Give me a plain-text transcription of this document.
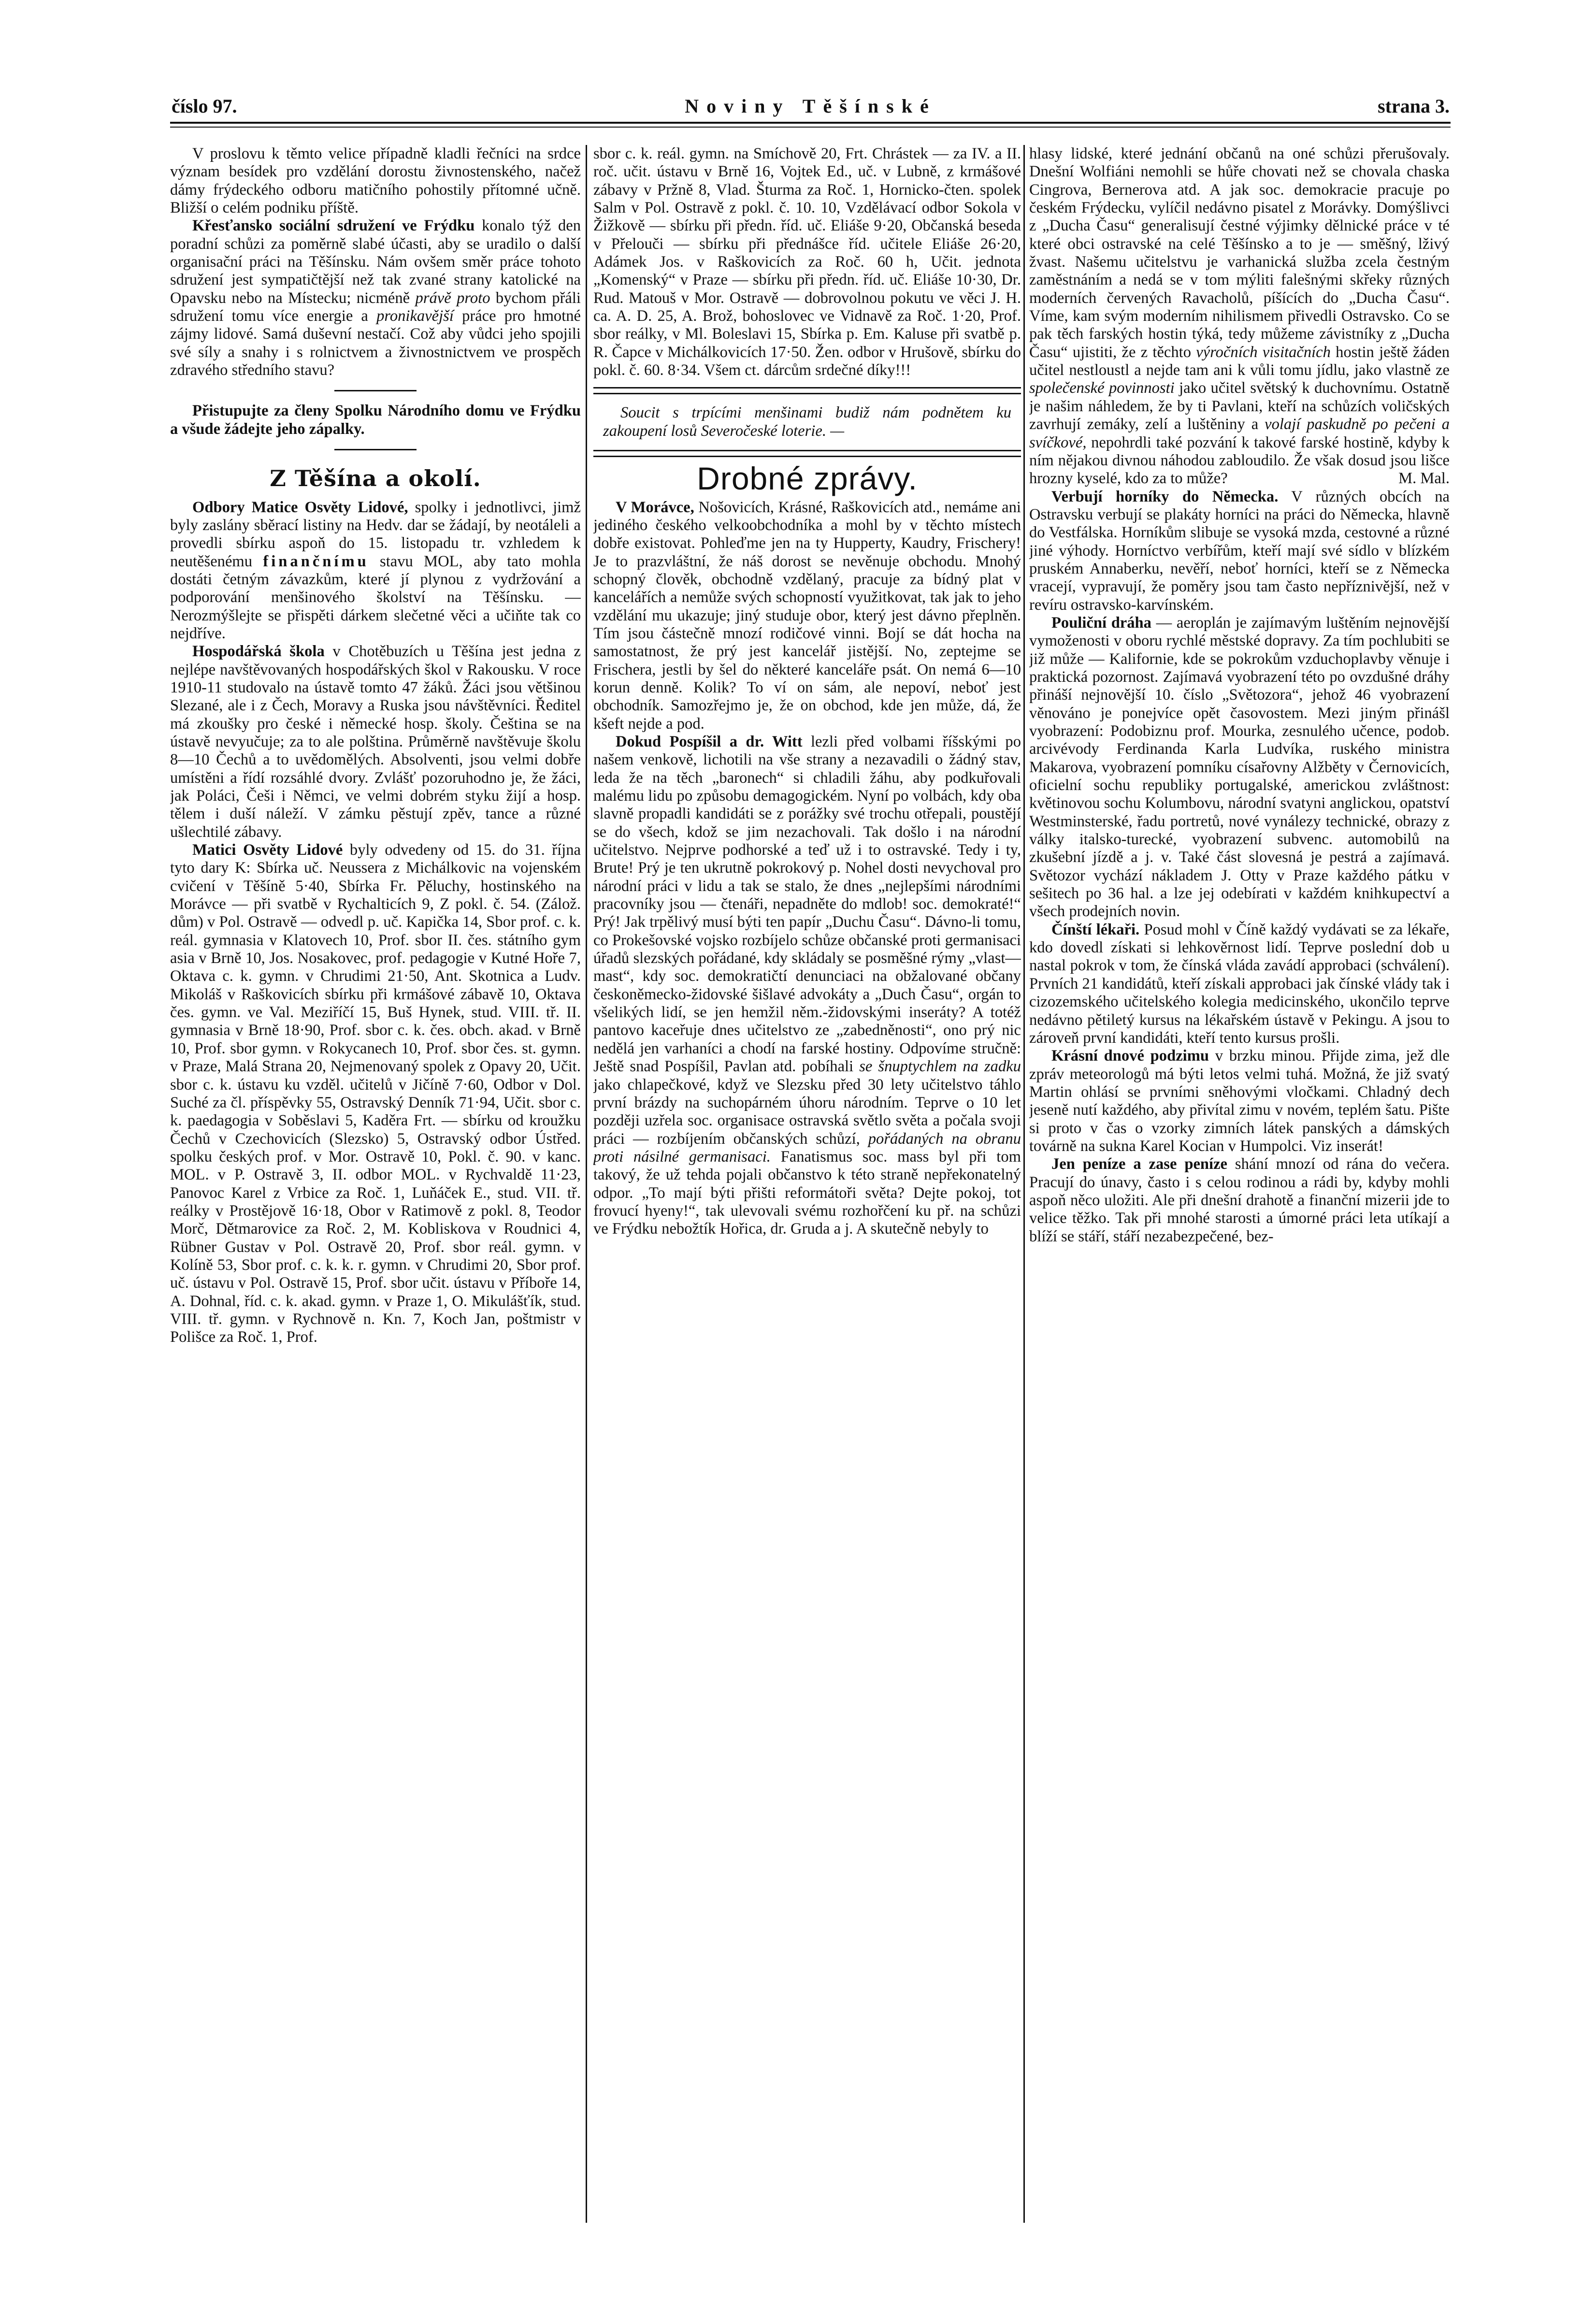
číslo 97.	Noviny Těšínské	strana 3.

V proslovu k těmto velice případně kladli řečníci na srdce význam besídek pro vzdělání dorostu živnostenského, načež dámy frýdeckého odboru matičního pohostily přítomné učně. Bližší o celém podniku příště.

Křesťansko sociální sdružení ve Frýdku konalo týž den poradní schůzi za poměrně slabé účasti, aby se uradilo o další organisační práci na Těšínsku. Nám ovšem směr práce tohoto sdružení jest sympatičtější než tak zvané strany katolické na Opavsku nebo na Místecku; nicméně právě proto bychom přáli sdružení tomu více energie a pronikavější práce pro hmotné zájmy lidové. Samá duševní nestačí. Což aby vůdci jeho spojili své síly a snahy i s rolnictvem a živnostnictvem ve prospěch zdravého středního stavu?

Přistupujte za členy Spolku Národního domu ve Frýdku a všude žádejte jeho zápalky.

Z Těšína a okolí.

Odbory Matice Osvěty Lidové, spolky i jednotlivci, jimž byly zaslány sběrací listiny na Hedv. dar se žádají, by neotáleli a provedli sbírku aspoň do 15. listopadu tr. vzhledem k neutěšenému finančnímu stavu MOL, aby tato mohla dostáti četným závazkům, které jí plynou z vydržování a podporování menšinového školství na Těšínsku. — Nerozmýšlejte se přispěti dárkem slečetné věci a učiňte tak co nejdříve.

Hospodářská škola v Chotěbuzích u Těšína jest jedna z nejlépe navštěvovaných hospodářských škol v Rakousku. V roce 1910-11 studovalo na ústavě tomto 47 žáků. Žáci jsou většinou Slezané, ale i z Čech, Moravy a Ruska jsou návštěvníci. Ředitel má zkoušky pro české i německé hosp. školy. Čeština se na ústavě nevyučuje; za to ale polština. Průměrně navštěvuje školu 8—10 Čechů a to uvědomělých. Absolventi, jsou velmi dobře umístěni a řídí rozsáhlé dvory. Zvlášť pozoruhodno je, že žáci, jak Poláci, Češi i Němci, ve velmi dobrém styku žijí a hosp. tělem i duší náleží. V zámku pěstují zpěv, tance a různé ušlechtilé zábavy.

Matici Osvěty Lidové byly odvedeny od 15. do 31. října tyto dary K: Sbírka uč. Neussera z Michálkovic na vojenském cvičení v Těšíně 5·40, Sbírka Fr. Pěluchy, hostinského na Morávce — při svatbě v Rychalticích 9, Z pokl. č. 54. (Zálož. dům) v Pol. Ostravě — odvedl p. uč. Kapička 14, Sbor prof. c. k. reál. gymnasia v Klatovech 10, Prof. sbor II. čes. státního gym asia v Brně 10, Jos. Nosakovec, prof. pedagogie v Kutné Hoře 7, Oktava c. k. gymn. v Chrudimi 21·50, Ant. Skotnica a Ludv. Mikoláš v Raškovicích sbírku při krmášové zábavě 10, Oktava čes. gymn. ve Val. Meziříčí 15, Buš Hynek, stud. VIII. tř. II. gymnasia v Brně 18·90, Prof. sbor c. k. čes. obch. akad. v Brně 10, Prof. sbor gymn. v Rokycanech 10, Prof. sbor čes. st. gymn. v Praze, Malá Strana 20, Nejmenovaný spolek z Opavy 20, Učit. sbor c. k. ústavu ku vzděl. učitelů v Jičíně 7·60, Odbor v Dol. Suché za čl. příspěvky 55, Ostravský Denník 71·94, Učit. sbor c. k. paedagogia v Soběslavi 5, Kaděra Frt. — sbírku od kroužku Čechů v Czechovicích (Slezsko) 5, Ostravský odbor Ústřed. spolku českých prof. v Mor. Ostravě 10, Pokl. č. 90. v kanc. MOL. v P. Ostravě 3, II. odbor MOL. v Rychvaldě 11·23, Panovoc Karel z Vrbice za Roč. 1, Luňáček E., stud. VII. tř. reálky v Prostějově 16·18, Obor v Ratimově z pokl. 8, Teodor Morč, Dětmarovice za Roč. 2, M. Kobliskova v Roudnici 4, Rübner Gustav v Pol. Ostravě 20, Prof. sbor reál. gymn. v Kolíně 53, Sbor prof. c. k. k. r. gymn. v Chrudimi 20, Sbor prof. uč. ústavu v Pol. Ostravě 15, Prof. sbor učit. ústavu v Příboře 14, A. Dohnal, říd. c. k. akad. gymn. v Praze 1, O. Mikulášťík, stud. VIII. tř. gymn. v Rychnově n. Kn. 7, Koch Jan, poštmistr v Polišce za Roč. 1, Prof.

sbor c. k. reál. gymn. na Smíchově 20, Frt. Chrástek — za IV. a II. roč. učit. ústavu v Brně 16, Vojtek Ed., uč. v Lubně, z krmášové zábavy v Pržně 8, Vlad. Šturma za Roč. 1, Hornicko-čten. spolek Salm v Pol. Ostravě z pokl. č. 10. 10, Vzdělávací odbor Sokola v Žižkově — sbírku při předn. říd. uč. Eliáše 9·20, Občanská beseda v Přelouči — sbírku při přednášce říd. učitele Eliáše 26·20, Adámek Jos. v Raškovicích za Roč. 60 h, Učit. jednota „Komenský“ v Praze — sbírku při předn. říd. uč. Eliáše 10·30, Dr. Rud. Matouš v Mor. Ostravě — dobrovolnou pokutu ve věci J. H. ca. A. D. 25, A. Brož, bohoslovec ve Vidnavě za Roč. 1·20, Prof. sbor reálky, v Ml. Boleslavi 15, Sbírka p. Em. Kaluse při svatbě p. R. Čapce v Michálkovicích 17·50. Žen. odbor v Hrušově, sbírku do pokl. č. 60. 8·34. Všem ct. dárcům srdečné díky!!!

Soucit s trpícími menšinami budiž nám podnětem ku zakoupení losů Severočeské loterie. —

Drobné zprávy.

V Morávce, Nošovicích, Krásné, Raškovicích atd., nemáme ani jediného českého velkoobchodníka a mohl by v těchto místech dobře existovat. Pohleďme jen na ty Hupperty, Kaudry, Frischery! Je to prazvláštní, že náš dorost se nevěnuje obchodu. Mnohý schopný člověk, obchodně vzdělaný, pracuje za bídný plat v kancelářích a nemůže svých schopností využitkovat, tak jak to jeho vzdělání mu ukazuje; jiný studuje obor, který jest dávno přeplněn. Tím jsou částečně mnozí rodičové vinni. Bojí se dát hocha na samostatnost, že prý jest kancelář jistější. No, zeptejme se Frischera, jestli by šel do některé kanceláře psát. On nemá 6—10 korun denně. Kolik? To ví on sám, ale nepoví, neboť jest obchodník. Samozřejmo je, že on obchod, kde jen může, dá, že kšeft nejde a pod.

Dokud Pospíšil a dr. Witt lezli před volbami říšskými po našem venkově, lichotili na vše strany a nezavadili o žádný stav, leda že na těch „baronech“ si chladili žáhu, aby podkuřovali malému lidu po způsobu demagogickém. Nyní po volbách, kdy oba slavně propadli kandidáti se z porážky své trochu otřepali, poustějí se do všech, kdož se jim nezachovali. Tak došlo i na národní učitelstvo. Nejprve podhorské a teď už i to ostravské. Tedy i ty, Brute! Prý je ten ukrutně pokrokový p. Nohel dosti nevychoval pro národní práci v lidu a tak se stalo, že dnes „nejlepšími národními pracovníky jsou — čtenáři, nepadněte do mdlob! soc. demokraté!“ Prý! Jak trpělivý musí býti ten papír „Duchu Času“. Dávno-li tomu, co Prokešovské vojsko rozbíjelo schůze občanské proti germanisaci úřadů slezských pořádané, kdy skládaly se posměšné rýmy „vlast—mast“, kdy soc. demokratičtí denunciaci na obžalované občany českoněmecko-židovské šišlavé advokáty a „Duch Času“, orgán to všelikých lidí, se jen hemžil něm.-židovskými inseráty? A totéž pantovo kaceřuje dnes učitelstvo ze „zabedněnosti“, ono prý nic nedělá jen varhaníci a chodí na farské hostiny. Odpovíme stručně: Ještě snad Pospíšil, Pavlan atd. pobíhali se šnuptychlem na zadku jako chlapečkové, když ve Slezsku před 30 lety učitelstvo táhlo první brázdy na suchopárném úhoru národním. Teprve o 10 let později uzřela soc. organisace ostravská světlo světa a počala svoji práci — rozbíjením občanských schůzí, pořádaných na obranu proti násilné germanisaci. Fanatismus soc. mass byl při tom takový, že už tehda pojali občanstvo k této straně nepřekonatelný odpor. „To mají býti přišti reformátoři světa? Dejte pokoj, tot frovucí hyeny!“, tak ulevovali svému rozhořčení ku př. na schůzi ve Frýdku nebožtík Hořica, dr. Gruda a j. A skutečně nebyly to

hlasy lidské, které jednání občanů na oné schůzi přerušovaly. Dnešní Wolfiáni nemohli se hůře chovati než se chovala chaska Cingrova, Bernerova atd. A jak soc. demokracie pracuje po českém Frýdecku, vylíčil nedávno pisatel z Morávky. Domýšlivci z „Ducha Času“ generalisují čestné výjimky dělnické práce v té které obci ostravské na celé Těšínsko a to je — směšný, lživý žvast. Našemu učitelstvu je varhanická služba zcela čestným zaměstnáním a nedá se v tom mýliti falešnými skřeky různých moderních červených Ravacholů, píšících do „Ducha Času“. Víme, kam svým moderním nihilismem přivedli Ostravsko. Co se pak těch farských hostin týká, tedy můžeme závistníky z „Ducha Času“ ujistiti, že z těchto výročních visitačních hostin ještě žáden učitel nestloustl a nejde tam ani k vůli tomu jídlu, jako vlastně ze společenské povinnosti jako učitel světský k duchovnímu. Ostatně je našim náhledem, že by ti Pavlani, kteří na schůzích voličských zavrhují zemáky, zelí a luštěniny a volají paskudně po pečeni a svíčkové, nepohrdli také pozvání k takové farské hostině, kdyby k ním nějakou divnou náhodou zabloudilo. Že však dosud jsou lišce hrozny kyselé, kdo za to může?	M. Mal.

Verbují horníky do Německa. V různých obcích na Ostravsku verbují se plakáty horníci na práci do Německa, hlavně do Vestfálska. Horníkům slibuje se vysoká mzda, cestovné a různé jiné výhody. Horníctvo verbířům, kteří mají své sídlo v blízkém pruském Annaberku, nevěří, neboť horníci, kteří se z Německa vracejí, vypravují, že poměry jsou tam často nepříznivější, než v revíru ostravsko-karvínském.

Pouliční dráha — aeroplán je zajímavým luštěním nejnovější vymoženosti v oboru rychlé městské dopravy. Za tím pochlubiti se již může — Kalifornie, kde se pokrokům vzduchoplavby věnuje i praktická pozornost. Zajímavá vyobrazení této po ovzdušné dráhy přináší nejnovější 10. číslo „Světozora“, jehož 46 vyobrazení věnováno je ponejvíce opět časovostem. Mezi jiným přinášl vyobrazení: Podobiznu prof. Mourka, zesnulého učence, podob. arcivévody Ferdinanda Karla Ludvíka, ruského ministra Makarova, vyobrazení pomníku císařovny Alžběty v Černovicích, oficielní sochu republiky portugalské, americkou zvláštnost: květinovou sochu Kolumbovu, národní svatyni anglickou, opatství Westminsterské, řadu portretů, nové vynálezy technické, obrazy z války italsko-turecké, vyobrazení subvenc. automobilů na zkušební jízdě a j. v. Také část slovesná je pestrá a zajímavá. Světozor vychází nákladem J. Otty v Praze každého pátku v sešitech po 36 hal. a lze jej odebírati v každém knihkupectví a všech prodejních novin.

Čínští lékaři. Posud mohl v Číně každý vydávati se za lékaře, kdo dovedl získati si lehkověrnost lidí. Teprve poslední dob u nastal pokrok v tom, že čínská vláda zavádí approbaci (schválení). Prvních 21 kandidátů, kteří získali approbaci jak čínské vlády tak i cizozemského učitelského kolegia medicinského, ukončilo teprve nedávno pětiletý kursus na lékařském ústavě v Pekingu. A jsou to zároveň první kandidáti, kteří tento kursus prošli.

Krásní dnové podzimu v brzku minou. Přijde zima, jež dle zpráv meteorologů má býti letos velmi tuhá. Možná, že již svatý Martin ohlásí se prvními sněhovými vločkami. Chladný dech jeseně nutí každého, aby přivítal zimu v novém, teplém šatu. Pište si proto v čas o vzorky zimních látek panských a dámských továrně na sukna Karel Kocian v Humpolci. Viz inserát!

Jen peníze a zase peníze shání mnozí od rána do večera. Pracují do únavy, často i s celou rodinou a rádi by, kdyby mohli aspoň něco uložiti. Ale při dnešní drahotě a finanční mizerii jde to velice těžko. Tak při mnohé starosti a úmorné práci leta utíkají a blíží se stáří, stáří nezabezpečené, bez-
